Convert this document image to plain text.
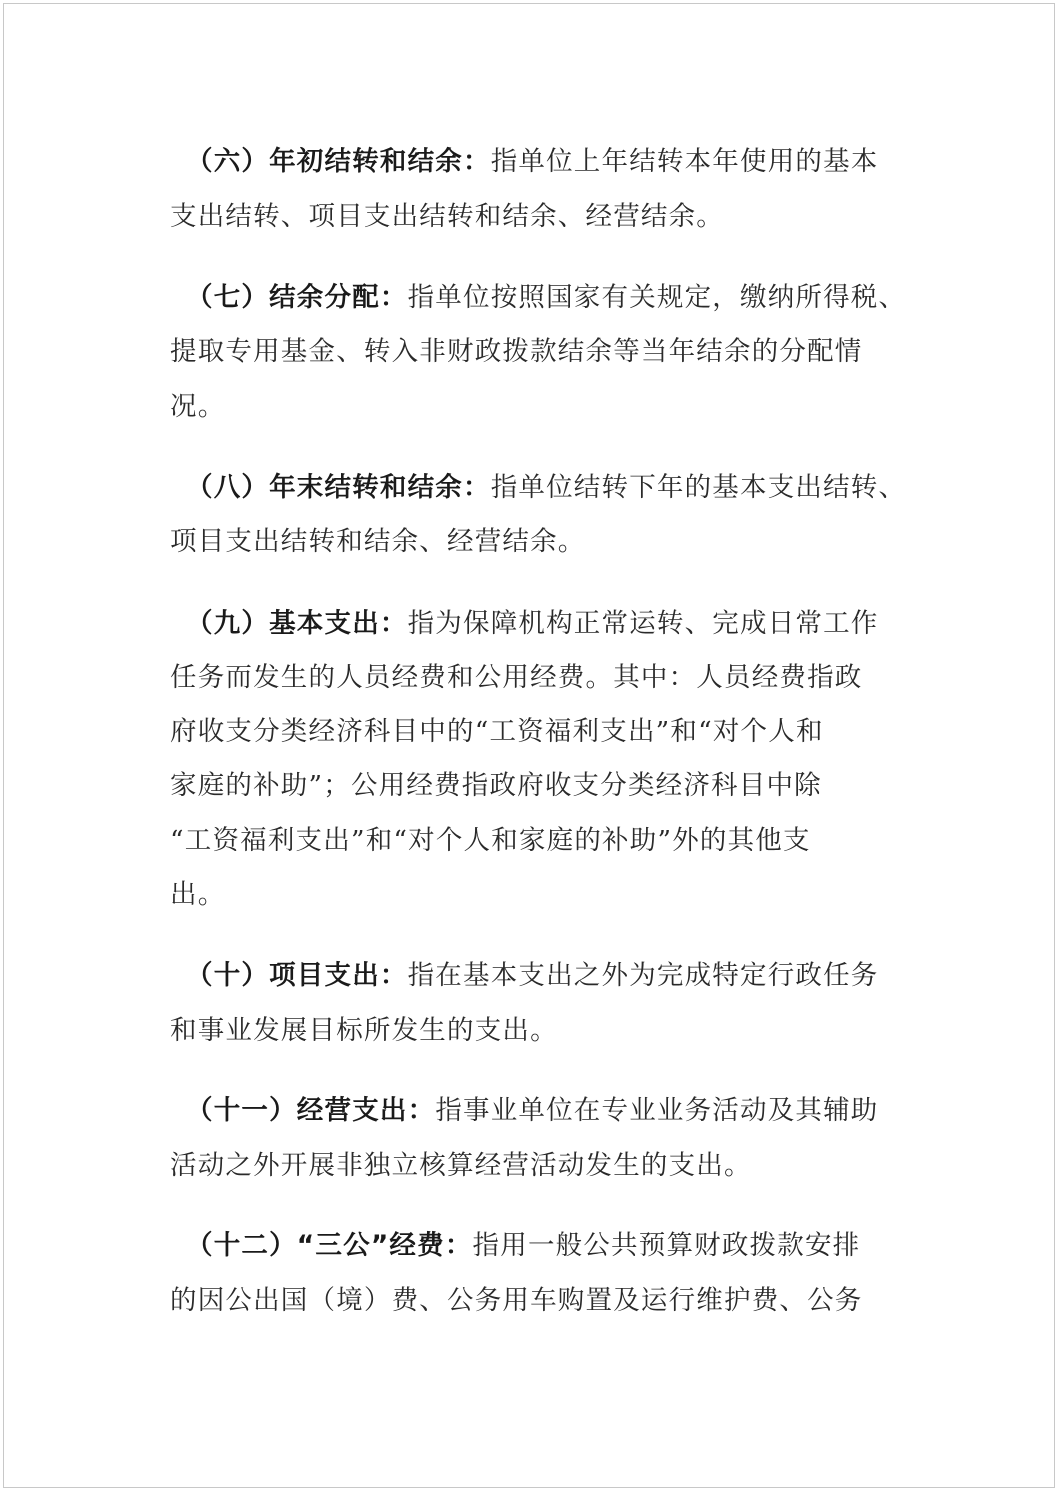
（六）年初结转和结余：指单位上年结转本年使用的基本
支出结转、项目支出结转和结余、经营结余。
（七）结余分配：指单位按照国家有关规定，缴纳所得税、
提取专用基金、转入非财政拨款结余等当年结余的分配情
况。
（八）年末结转和结余：指单位结转下年的基本支出结转、
项目支出结转和结余、经营结余。
（九）基本支出：指为保障机构正常运转、完成日常工作
任务而发生的人员经费和公用经费。其中：人员经费指政
府收支分类经济科目中的“工资福利支出”和“对个人和
家庭的补助”；公用经费指政府收支分类经济科目中除
“工资福利支出”和“对个人和家庭的补助”外的其他支
出。
（十）项目支出：指在基本支出之外为完成特定行政任务
和事业发展目标所发生的支出。
（十一）经营支出：指事业单位在专业业务活动及其辅助
活动之外开展非独立核算经营活动发生的支出。
（十二）“三公”经费：指用一般公共预算财政拨款安排
的因公出国（境）费、公务用车购置及运行维护费、公务
